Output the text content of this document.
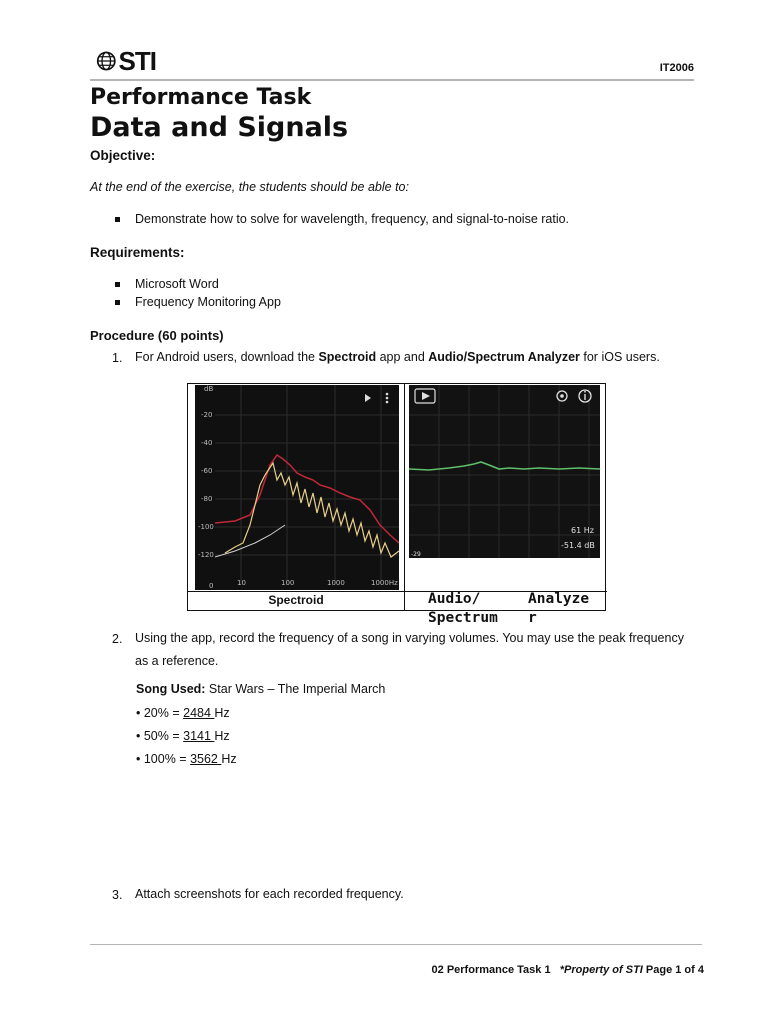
STI	IT2006
Performance Task
Data and Signals
Objective:
At the end of the exercise, the students should be able to:
Demonstrate how to solve for wavelength, frequency, and signal-to-noise ratio.
Requirements:
Microsoft Word
Frequency Monitoring App
Procedure (60 points)
1. For Android users, download the Spectroid app and Audio/Spectrum Analyzer for iOS users.
dB
-20
-40
-60
-80
-100
-120
0	10	100	1000	1000Hz
61 Hz
-51.4 dB
-29
Spectroid	Audio/	Analyze
Spectrum r
2. Using the app, record the frequency of a song in varying volumes. You may use the peak frequency
as a reference.
Song Used: Star Wars – The Imperial March
• 20% = 2484 Hz
• 50% = 3141 Hz
• 100% = 3562 Hz
3. Attach screenshots for each recorded frequency.
02 Performance Task 1 *Property of STI Page 1 of 4
